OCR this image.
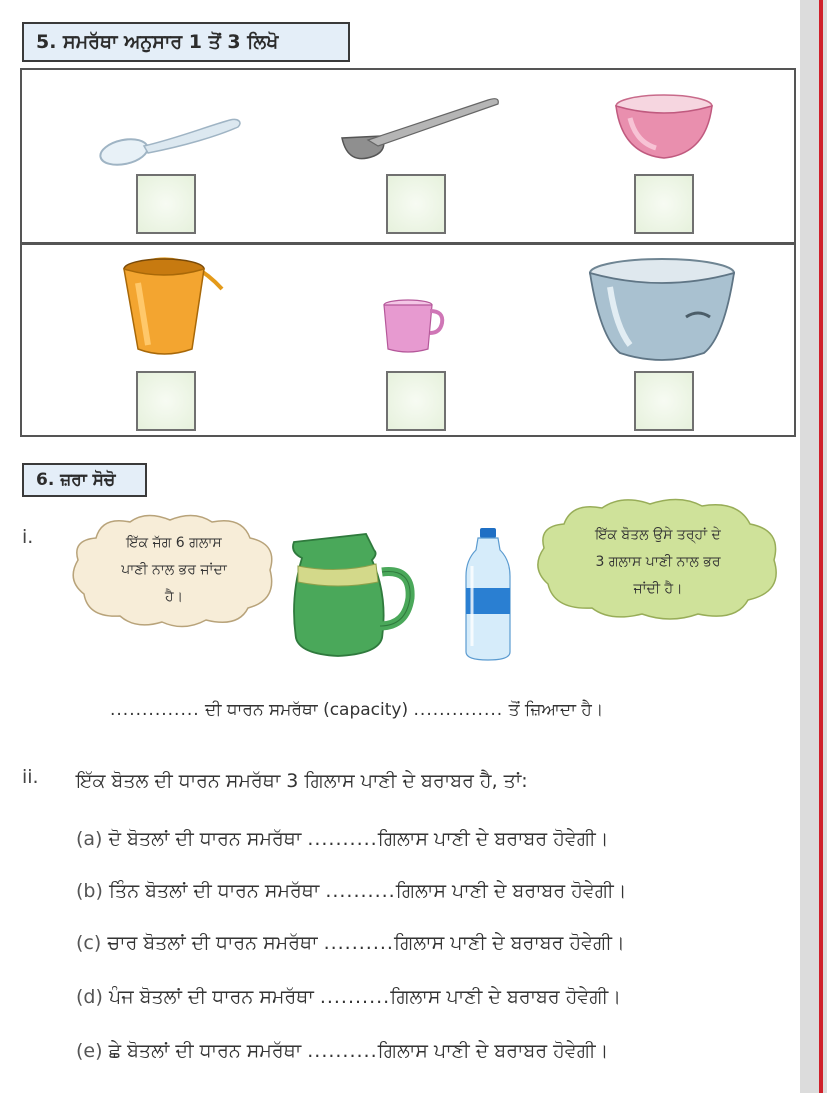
5. ਸਮਰੱਥਾ ਅਨੁਸਾਰ 1 ਤੋਂ 3 ਲਿਖੋ
6. ਜ਼ਰਾ ਸੋਚੋ
i.	ਇੱਕ ਜੱਗ 6 ਗਲਾਸ
ਪਾਣੀ ਨਾਲ ਭਰ ਜਾਂਦਾ
ਹੈ।
ਇੱਕ ਬੋਤਲ ਉਸੇ ਤਰ੍ਹਾਂ ਦੇ
3 ਗਲਾਸ ਪਾਣੀ ਨਾਲ ਭਰ
ਜਾਂਦੀ ਹੈ।
.............. ਦੀ ਧਾਰਨ ਸਮਰੱਥਾ (capacity) .............. ਤੋਂ ਜ਼ਿਆਦਾ ਹੈ।
ii. ਇੱਕ ਬੋਤਲ ਦੀ ਧਾਰਨ ਸਮਰੱਥਾ 3 ਗਿਲਾਸ ਪਾਣੀ ਦੇ ਬਰਾਬਰ ਹੈ, ਤਾਂ:
(a) ਦੋ ਬੋਤਲਾਂ ਦੀ ਧਾਰਨ ਸਮਰੱਥਾ ..........ਗਿਲਾਸ ਪਾਣੀ ਦੇ ਬਰਾਬਰ ਹੋਵੇਗੀ।
(b) ਤਿੰਨ ਬੋਤਲਾਂ ਦੀ ਧਾਰਨ ਸਮਰੱਥਾ ..........ਗਿਲਾਸ ਪਾਣੀ ਦੇ ਬਰਾਬਰ ਹੋਵੇਗੀ।
(c) ਚਾਰ ਬੋਤਲਾਂ ਦੀ ਧਾਰਨ ਸਮਰੱਥਾ ..........ਗਿਲਾਸ ਪਾਣੀ ਦੇ ਬਰਾਬਰ ਹੋਵੇਗੀ।
(d) ਪੰਜ ਬੋਤਲਾਂ ਦੀ ਧਾਰਨ ਸਮਰੱਥਾ ..........ਗਿਲਾਸ ਪਾਣੀ ਦੇ ਬਰਾਬਰ ਹੋਵੇਗੀ।
(e) ਛੇ ਬੋਤਲਾਂ ਦੀ ਧਾਰਨ ਸਮਰੱਥਾ ..........ਗਿਲਾਸ ਪਾਣੀ ਦੇ ਬਰਾਬਰ ਹੋਵੇਗੀ।
